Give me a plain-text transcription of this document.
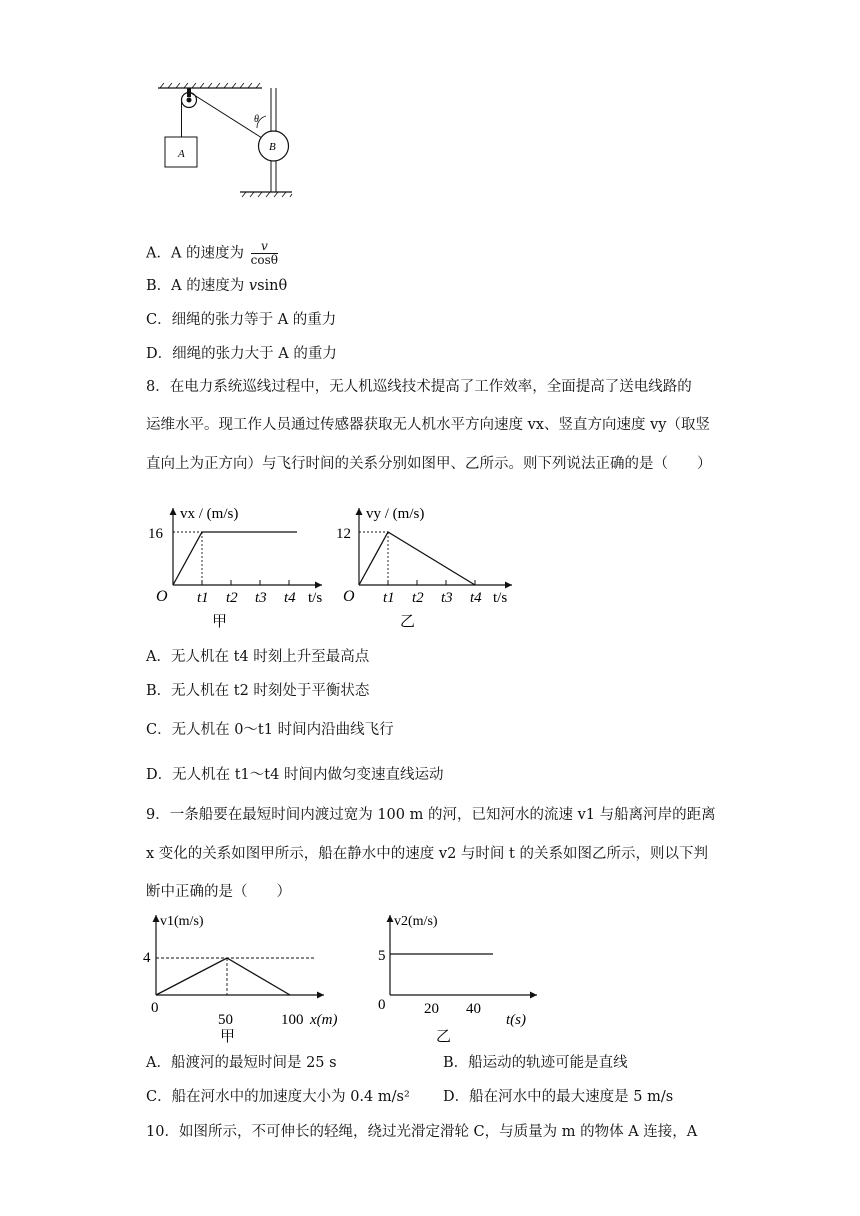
A
B
θ
A．A 的速度为 $\frac{v}{\cos\theta}$
B．A 的速度为 vsinθ
C．细绳的张力等于 A 的重力
D．细绳的张力大于 A 的重力
8．在电力系统巡线过程中，无人机巡线技术提高了工作效率，全面提高了送电线路的
运维水平。现工作人员通过传感器获取无人机水平方向速度 vx、竖直方向速度 vy（取竖
直向上为正方向）与飞行时间的关系分别如图甲、乙所示。则下列说法正确的是（　　）
vx / (m/s)
16
O t1 t2 t3 t4 t/s
甲
vy / (m/s)
12
O t1 t2 t3 t4 t/s
乙
A．无人机在 t4 时刻上升至最高点
B．无人机在 t2 时刻处于平衡状态
C．无人机在 0～t1 时间内沿曲线飞行
D．无人机在 t1～t4 时间内做匀变速直线运动
9．一条船要在最短时间内渡过宽为 100 m 的河，已知河水的流速 v1 与船离河岸的距离
x 变化的关系如图甲所示，船在静水中的速度 v2 与时间 t 的关系如图乙所示，则以下判
断中正确的是（　　）
v1(m/s)
4
0
50	100 x(m)
甲
v2(m/s)
5
0	20 40
t(s)
乙
A．船渡河的最短时间是 25 s	B．船运动的轨迹可能是直线
C．船在河水中的加速度大小为 0.4 m/s² D．船在河水中的最大速度是 5 m/s
10．如图所示，不可伸长的轻绳，绕过光滑定滑轮 C，与质量为 m 的物体 A 连接，A
